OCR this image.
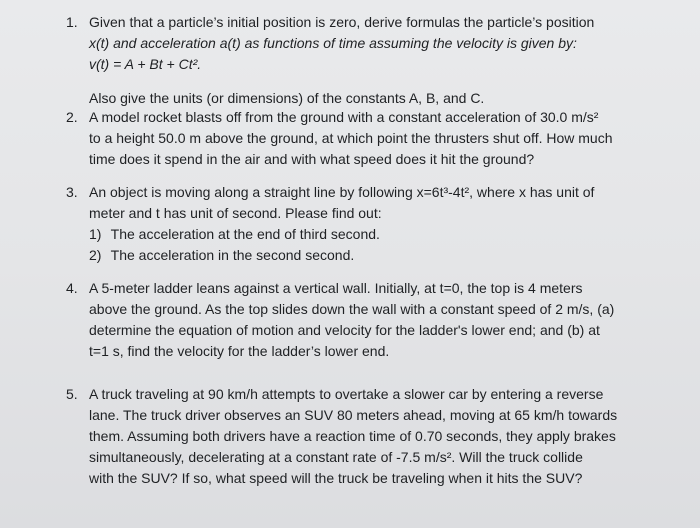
1. Given that a particle’s initial position is zero, derive formulas the particle’s position
x(t) and acceleration a(t) as functions of time assuming the velocity is given by:
v(t) = A + Bt + Ct².
Also give the units (or dimensions) of the constants A, B, and C.
2. A model rocket blasts off from the ground with a constant acceleration of 30.0 m/s²
to a height 50.0 m above the ground, at which point the thrusters shut off. How much
time does it spend in the air and with what speed does it hit the ground?
3. An object is moving along a straight line by following x=6t³-4t², where x has unit of
meter and t has unit of second. Please find out:
1) The acceleration at the end of third second.
2) The acceleration in the second second.
4. A 5-meter ladder leans against a vertical wall. Initially, at t=0, the top is 4 meters
above the ground. As the top slides down the wall with a constant speed of 2 m/s, (a)
determine the equation of motion and velocity for the ladder's lower end; and (b) at
t=1 s, find the velocity for the ladder’s lower end.
5. A truck traveling at 90 km/h attempts to overtake a slower car by entering a reverse
lane. The truck driver observes an SUV 80 meters ahead, moving at 65 km/h towards
them. Assuming both drivers have a reaction time of 0.70 seconds, they apply brakes
simultaneously, decelerating at a constant rate of -7.5 m/s². Will the truck collide
with the SUV? If so, what speed will the truck be traveling when it hits the SUV?
